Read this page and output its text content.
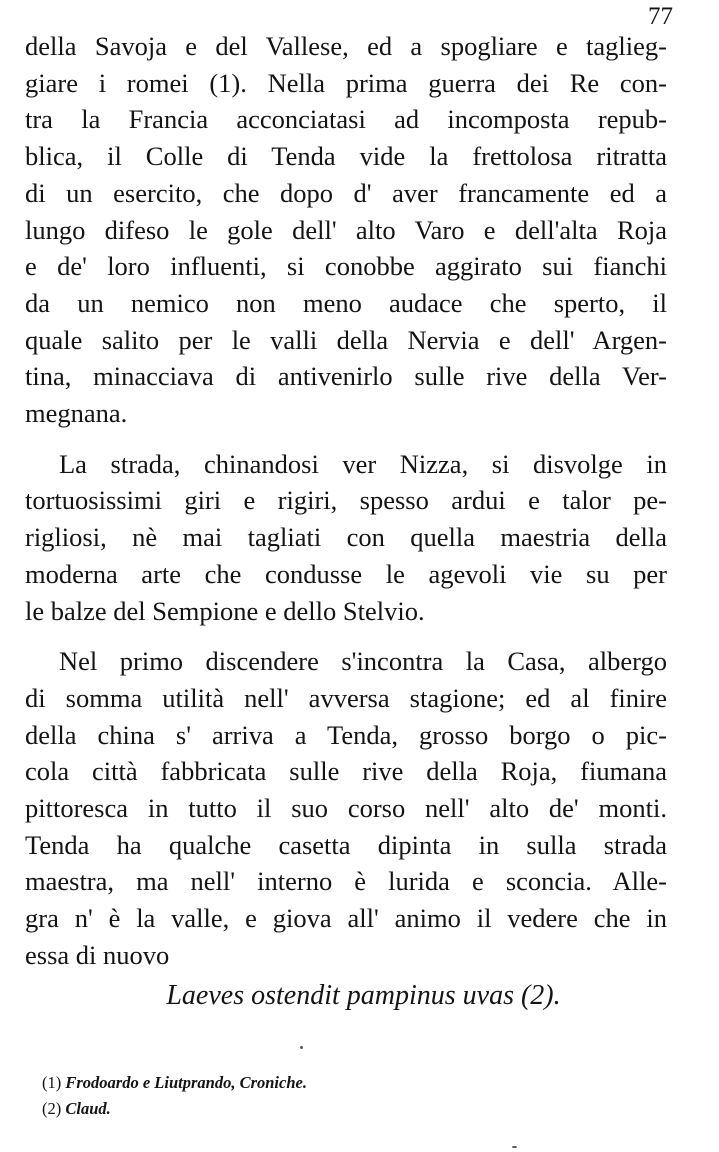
77
della Savoja e del Vallese, ed a spogliare e taglieg-
giare i romei (1). Nella prima guerra dei Re con-
tra la Francia acconciatasi ad incomposta repub-
blica, il Colle di Tenda vide la frettolosa ritratta
di un esercito, che dopo d' aver francamente ed a
lungo difeso le gole dell' alto Varo e dell'alta Roja
e de' loro influenti, si conobbe aggirato sui fianchi
da un nemico non meno audace che sperto, il
quale salito per le valli della Nervia e dell' Argen-
tina, minacciava di antivenirlo sulle rive della Ver-
megnana.
La strada, chinandosi ver Nizza, si disvolge in
tortuosissimi giri e rigiri, spesso ardui e talor pe-
rigliosi, nè mai tagliati con quella maestria della
moderna arte che condusse le agevoli vie su per
le balze del Sempione e dello Stelvio.
Nel primo discendere s'incontra la Casa, albergo
di somma utilità nell' avversa stagione; ed al finire
della china s' arriva a Tenda, grosso borgo o pic-
cola città fabbricata sulle rive della Roja, fiumana
pittoresca in tutto il suo corso nell' alto de' monti.
Tenda ha qualche casetta dipinta in sulla strada
maestra, ma nell' interno è lurida e sconcia. Alle-
gra n' è la valle, e giova all' animo il vedere che in
essa di nuovo
Laeves ostendit pampinus uvas (2).
(1) Frodoardo e Liutprando, Croniche.
(2) Claud.
